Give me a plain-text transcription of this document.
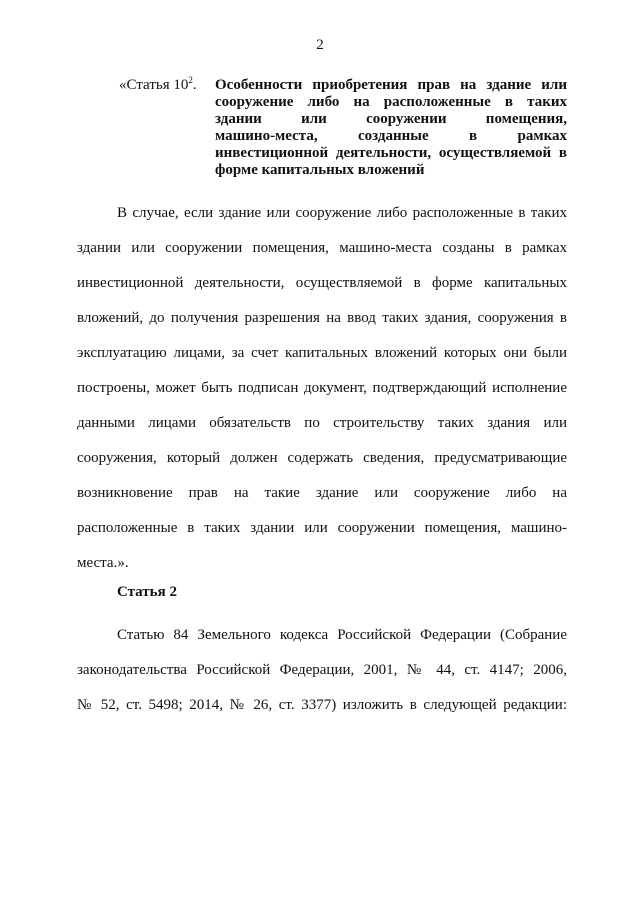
2
«Статья $10^2$. Особенности приобретения прав на здание или
сооружение либо на расположенные в таких
здании или сооружении помещения,
машино-места, созданные в рамках
инвестиционной деятельности, осуществляемой в
форме капитальных вложений
В случае, если здание или сооружение либо расположенные в таких
здании или сооружении помещения, машино-места созданы в рамках
инвестиционной деятельности, осуществляемой в форме капитальных
вложений, до получения разрешения на ввод таких здания, сооружения в
эксплуатацию лицами, за счет капитальных вложений которых они были
построены, может быть подписан документ, подтверждающий исполнение
данными лицами обязательств по строительству таких здания или
сооружения, который должен содержать сведения, предусматривающие
возникновение прав на такие здание или сооружение либо на
расположенные в таких здании или сооружении помещения, машино-
места.».
Статья 2
Статью 84 Земельного кодекса Российской Федерации (Собрание
законодательства Российской Федерации, 2001, № 44, ст. 4147; 2006,
№ 52, ст. 5498; 2014, № 26, ст. 3377) изложить в следующей редакции:
